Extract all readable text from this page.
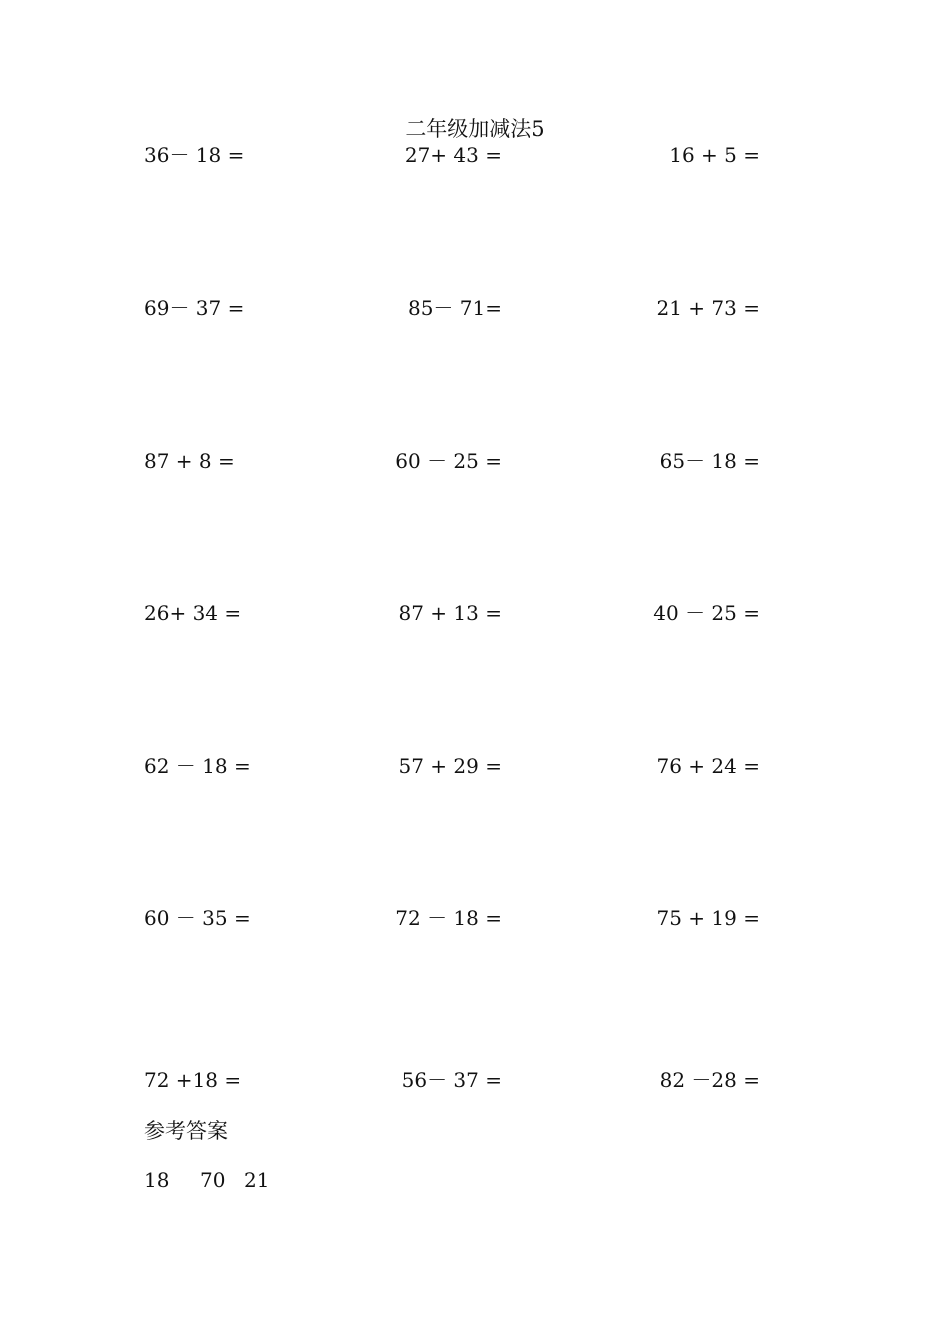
二年级加减法5
36－ 18 =	27+ 43 =	16 + 5 =
69－ 37 =	85－ 71=	21 + 73 =
87 + 8 =	60 － 25 =	65－ 18 =
26+ 34 =	87 + 13 =	40 － 25 =
62 － 18 =	57 + 29 =	76 + 24 =
60 － 35 =	72 － 18 =	75 + 19 =
72 +18 =	56－ 37 =	82 －28 =
参考答案
18	70 21
